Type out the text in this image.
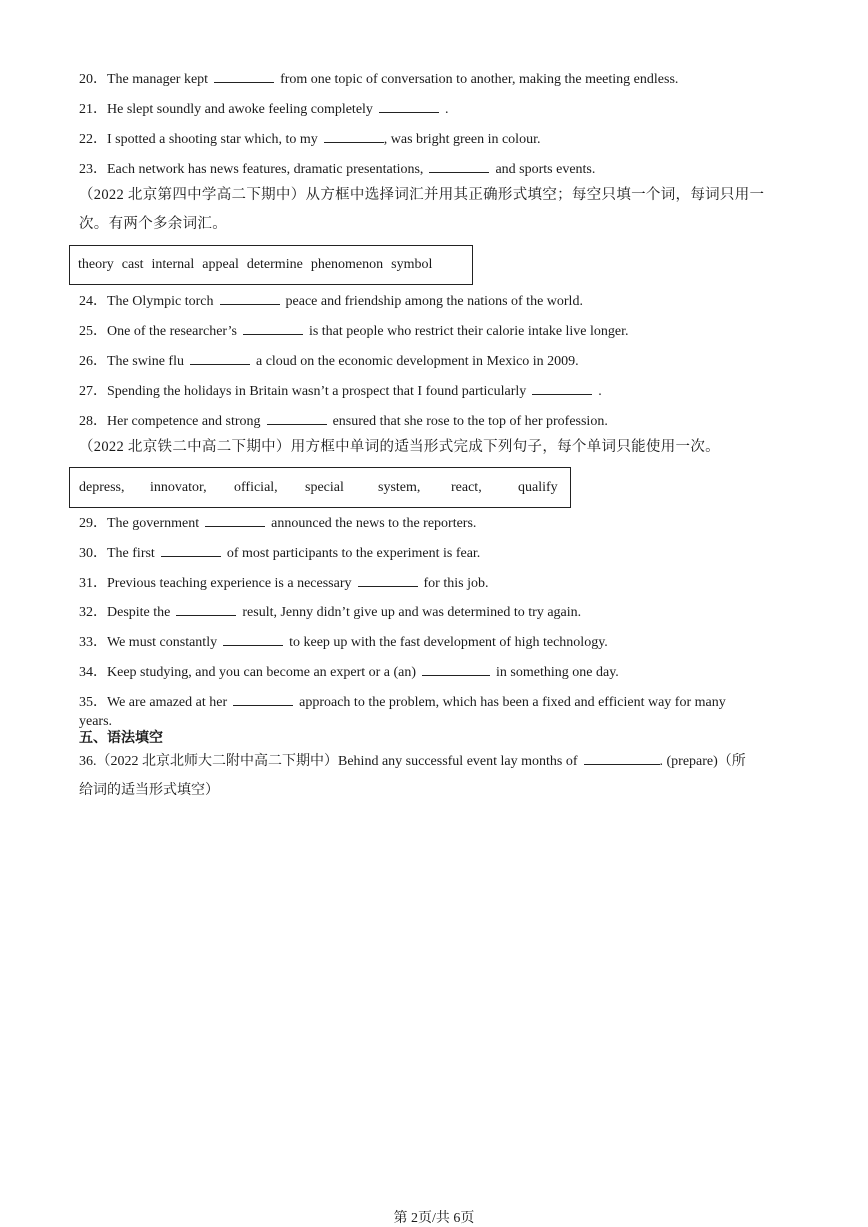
20．The manager kept	from one topic of conversation to another, making the meeting endless.
21．He slept soundly and awoke feeling completely	.
22．I spotted a shooting star which, to my	, was bright green in colour.
23．Each network has news features, dramatic presentations,	and sports events.
（2022 北京第四中学高二下期中）从方框中选择词汇并用其正确形式填空；每空只填一个词，每词只用一
次。有两个多余词汇。
theory cast internal appeal determine phenomenon symbol
24．The Olympic torch	peace and friendship among the nations of the world.
25．One of the researcher’s	is that people who restrict their calorie intake live longer.
26．The swine flu	a cloud on the economic development in Mexico in 2009.
27．Spending the holidays in Britain wasn’t a prospect that I found particularly	.
28．Her competence and strong	ensured that she rose to the top of her profession.
（2022 北京铁二中高二下期中）用方框中单词的适当形式完成下列句子，每个单词只能使用一次。
depress,	innovator,	official,	special	system,	react,	qualify
29．The government	announced the news to the reporters.
30．The first	of most participants to the experiment is fear.
31．Previous teaching experience is a necessary	for this job.
32．Despite the	result, Jenny didn’t give up and was determined to try again.
33．We must constantly	to keep up with the fast development of high technology.
34．Keep studying, and you can become an expert or a (an)	in something one day.
35．We are amazed at her	approach to the problem, which has been a fixed and efficient way for many
years.
五、语法填空
36.（2022 北京北师大二附中高二下期中）Behind any successful event lay months of	. (prepare)（所
给词的适当形式填空）
第 2页/共 6页
